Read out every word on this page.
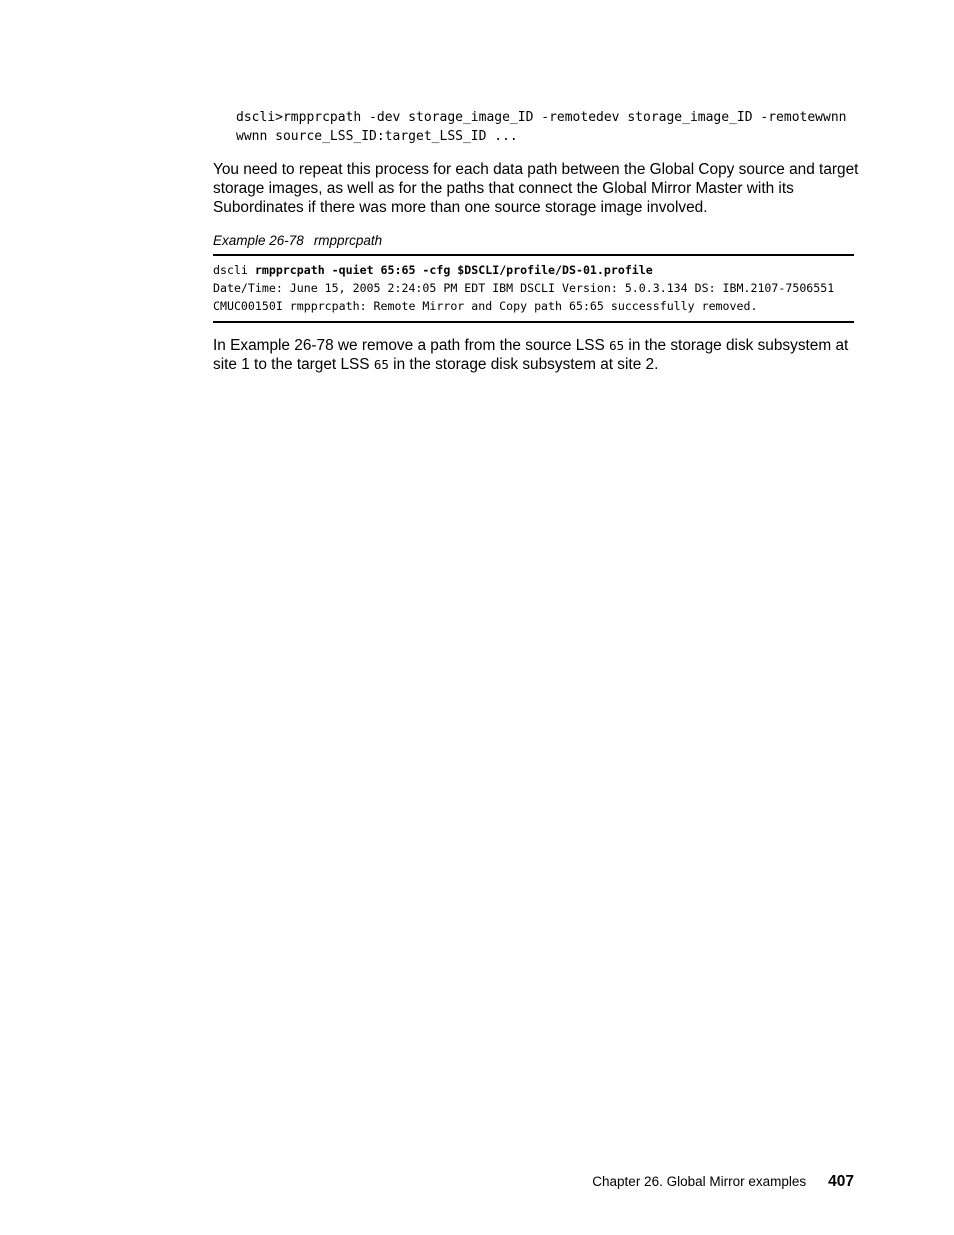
dscli>rmpprcpath -dev storage_image_ID -remotedev storage_image_ID -remotewwnn
wwnn source_LSS_ID:target_LSS_ID ...

You need to repeat this process for each data path between the Global Copy source and target storage images, as well as for the paths that connect the Global Mirror Master with its Subordinates if there was more than one source storage image involved.

Example 26-78 rmpprcpath
dscli rmpprcpath -quiet 65:65 -cfg $DSCLI/profile/DS-01.profile
Date/Time: June 15, 2005 2:24:05 PM EDT IBM DSCLI Version: 5.0.3.134 DS: IBM.2107-7506551
CMUC00150I rmpprcpath: Remote Mirror and Copy path 65:65 successfully removed.

In Example 26-78 we remove a path from the source LSS 65 in the storage disk subsystem at site 1 to the target LSS 65 in the storage disk subsystem at site 2.

Chapter 26. Global Mirror examples 407
